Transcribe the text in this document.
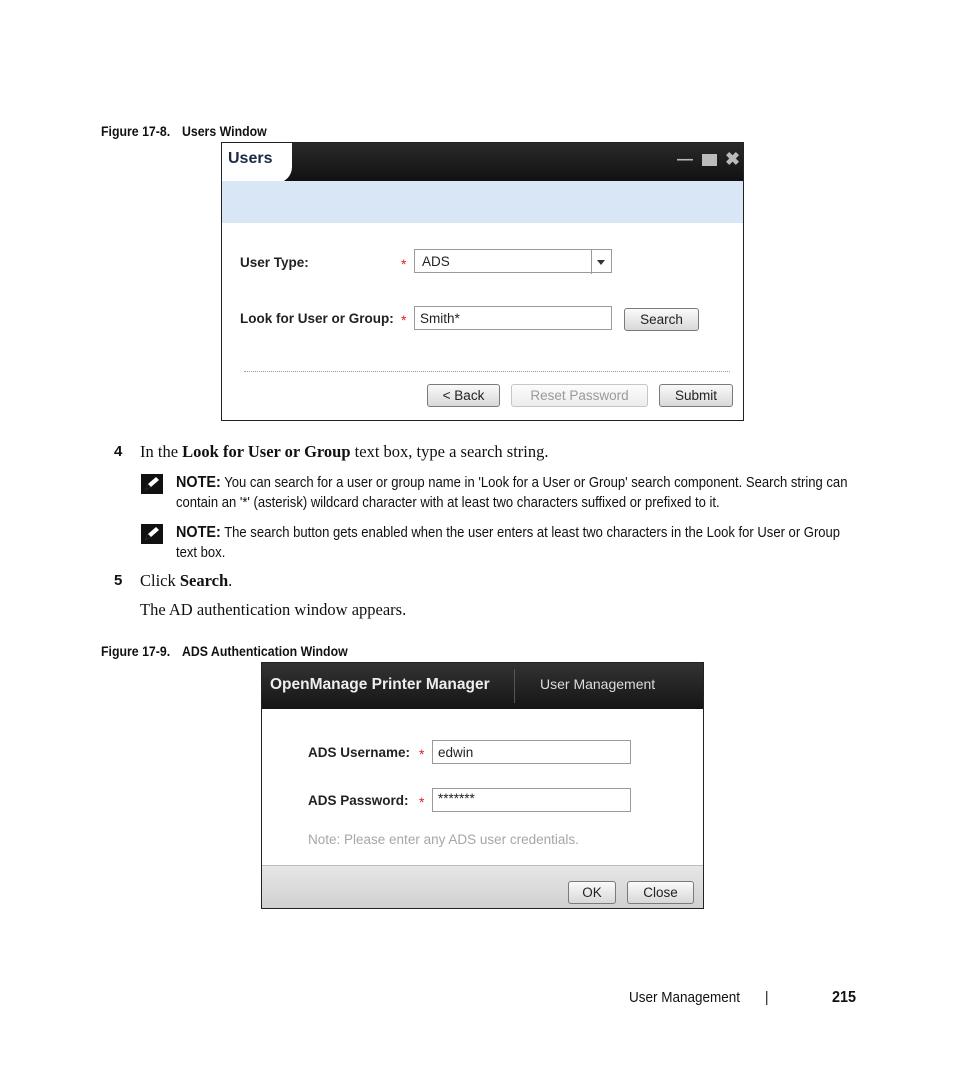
Figure 17-8. Users Window
Users	— ✖
User Type:	*	ADS
Look for User or Group: *	Smith*	Search
< Back	Reset Password	Submit
4 In the Look for User or Group text box, type a search string.
NOTE: You can search for a user or group name in 'Look for a User or Group' search component. Search string can contain an '*' (asterisk) wildcard character with at least two characters suffixed or prefixed to it.
NOTE: The search button gets enabled when the user enters at least two characters in the Look for User or Group text box.
5 Click Search.
The AD authentication window appears.
Figure 17-9. ADS Authentication Window
OpenManage Printer Manager	User Management
ADS Username: *	edwin
ADS Password: *	*******
Note: Please enter any ADS user credentials.
OK	Close
User Management |	215
